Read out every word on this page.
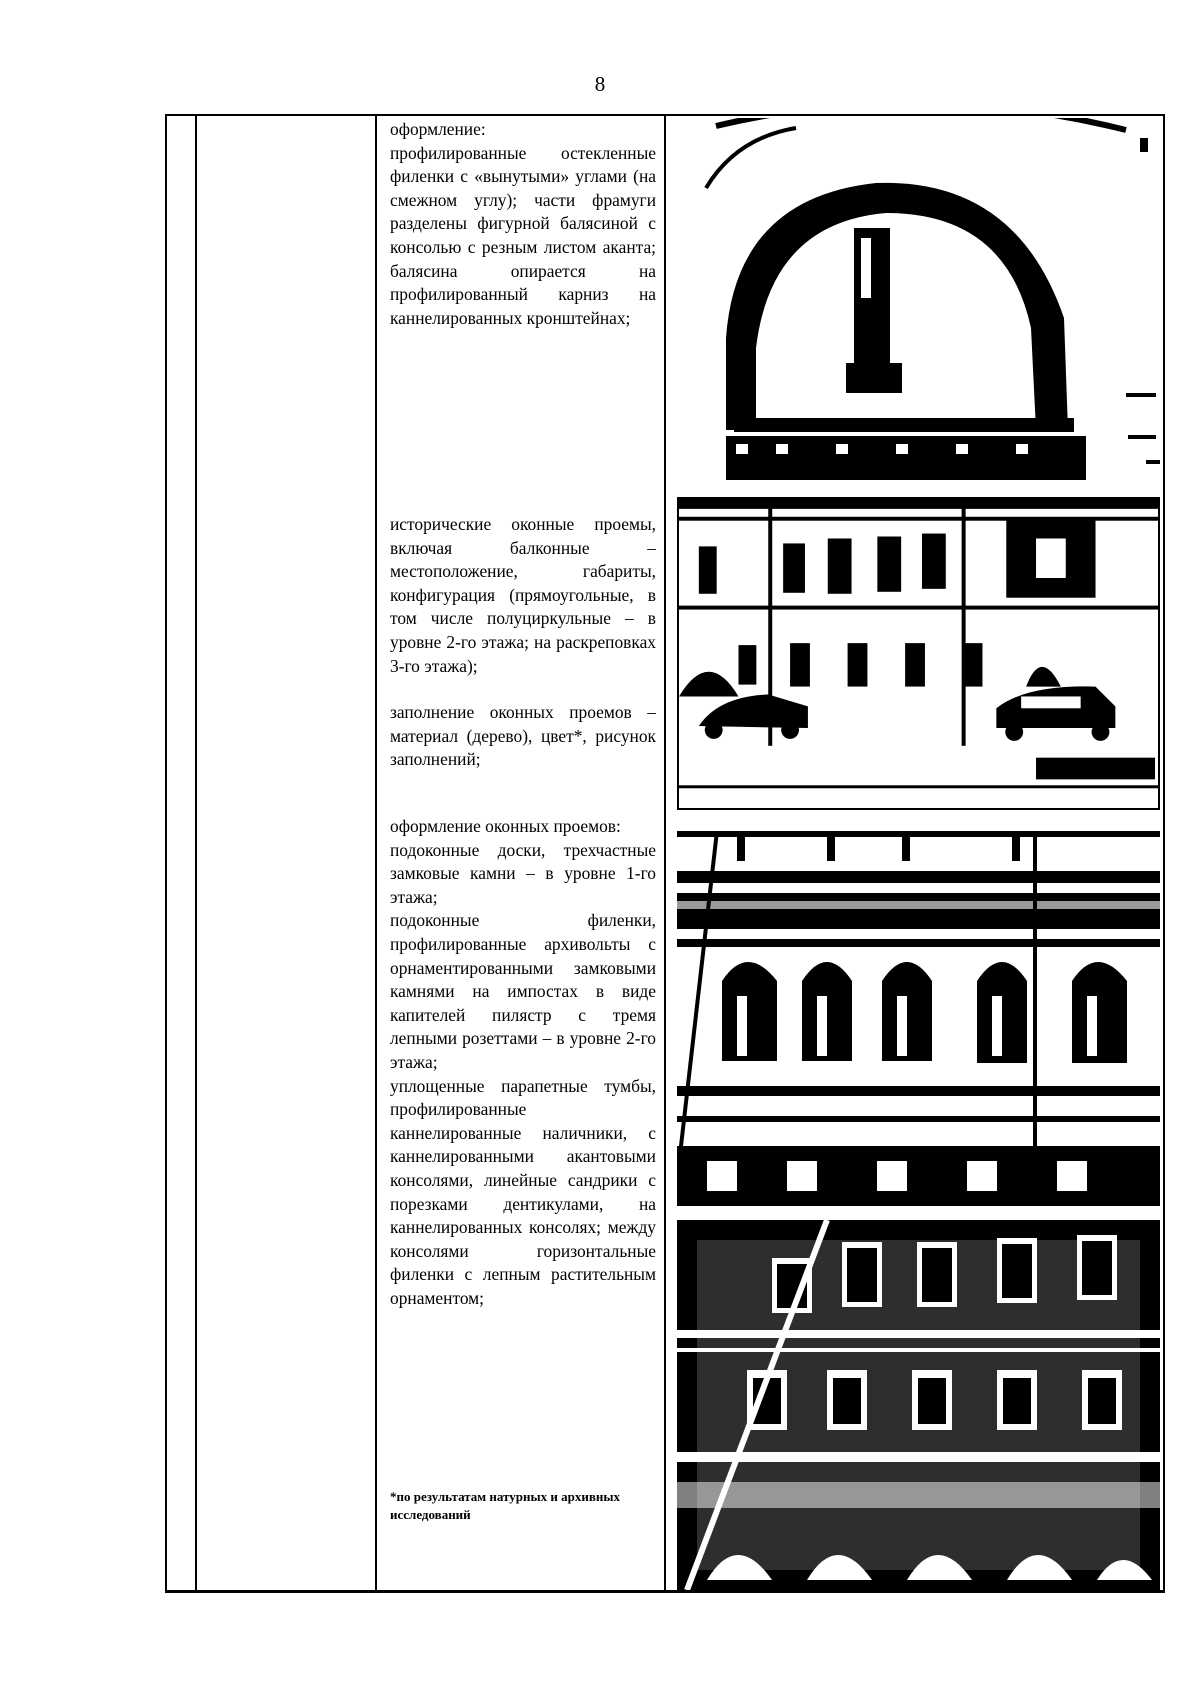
8

оформление:

профилированные остекленные филенки с «вынутыми» углами (на смежном углу); части фрамуги разделены фигурной балясиной с консолью с резным листом аканта; балясина опирается на профилированный карниз на каннелированных кронштейнах;

исторические оконные проемы, включая балконные – местоположение, габариты, конфигурация (прямоугольные, в том числе полуциркульные – в уровне 2-го этажа; на раскреповках 3-го этажа);

заполнение оконных проемов – материал (дерево), цвет*, рисунок заполнений;

оформление оконных проемов:

подоконные доски, трехчастные замковые камни – в уровне 1-го этажа;

подоконные филенки, профилированные архивольты с орнаментированными замковыми камнями на импостах в виде капителей пилястр с тремя лепными розеттами – в уровне 2-го этажа;

уплощенные парапетные тумбы, профилированные каннелированные наличники, с каннелированными акантовыми консолями, линейные сандрики с порезками дентикулами, на каннелированных консолях; между консолями горизонтальные филенки с лепным растительным орнаментом;

*по результатам натурных и архивных исследований
